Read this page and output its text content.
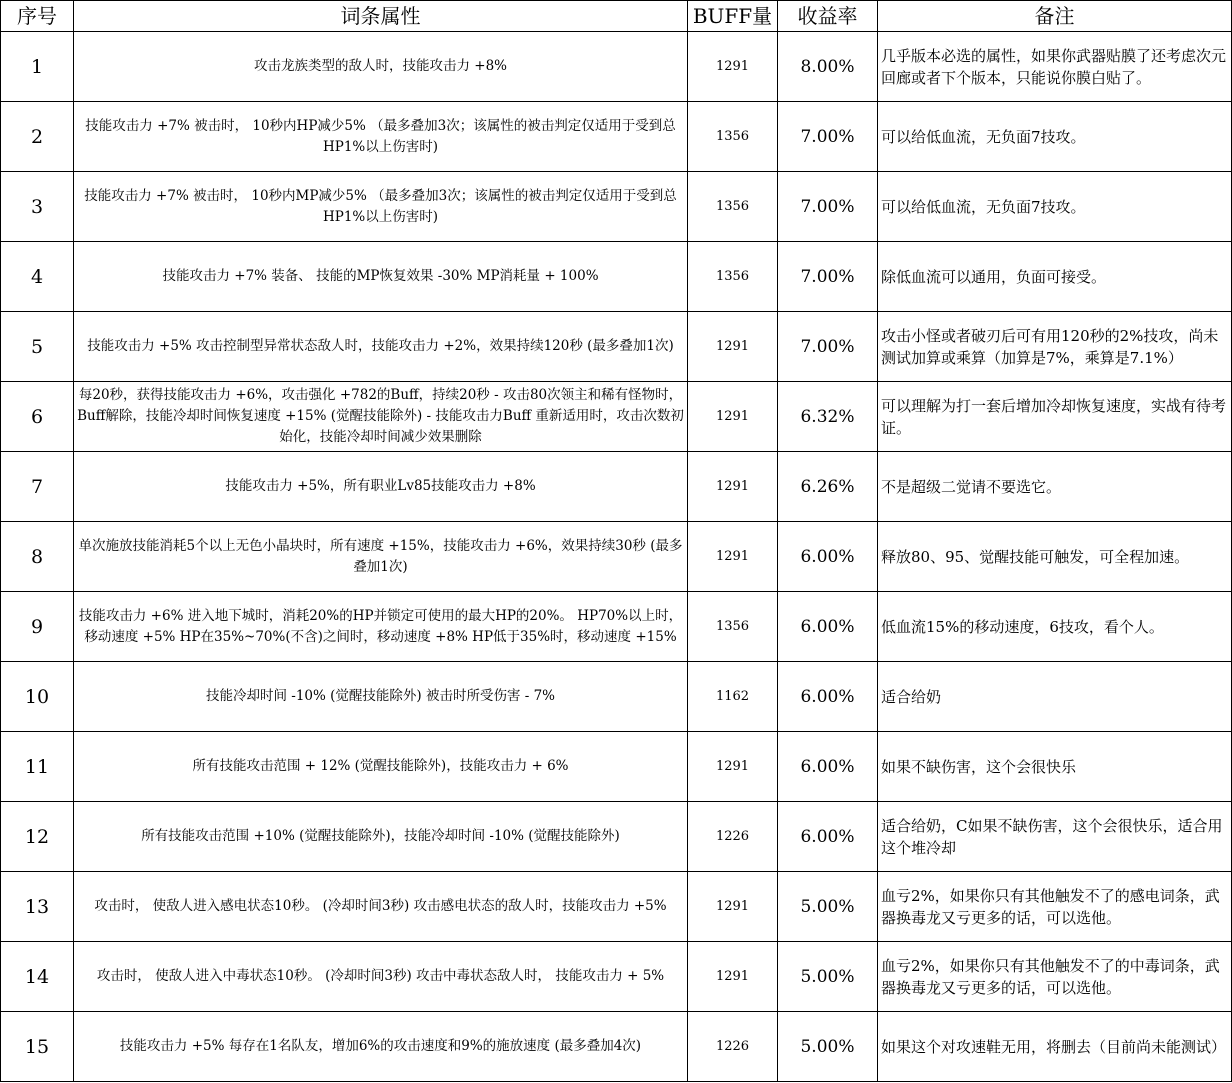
序号	词条属性	BUFF量	收益率	备注
1	攻击龙族类型的敌人时，技能攻击力 +8%	1291	8.00%	几乎版本必选的属性，如果你武器贴膜了还考虑次元回廊或者下个版本，只能说你膜白贴了。
2	技能攻击力 +7% 被击时， 10秒内HP减少5% （最多叠加3次；该属性的被击判定仅适用于受到总HP1%以上伤害时)	1356	7.00%	可以给低血流，无负面7技攻。
3	技能攻击力 +7% 被击时， 10秒内MP减少5% （最多叠加3次；该属性的被击判定仅适用于受到总HP1%以上伤害时)	1356	7.00%	可以给低血流，无负面7技攻。
4	技能攻击力 +7% 装备、 技能的MP恢复效果 -30% MP消耗量 + 100%	1356	7.00%	除低血流可以通用，负面可接受。
5	技能攻击力 +5% 攻击控制型异常状态敌人时，技能攻击力 +2%，效果持续120秒 (最多叠加1次)	1291	7.00%	攻击小怪或者破刃后可有用120秒的2%技攻，尚未测试加算或乘算（加算是7%，乘算是7.1%）
6	每20秒，获得技能攻击力 +6%，攻击强化 +782的Buff，持续20秒 - 攻击80次领主和稀有怪物时，Buff解除，技能冷却时间恢复速度 +15% (觉醒技能除外) - 技能攻击力Buff 重新适用时，攻击次数初始化，技能冷却时间减少效果删除	1291	6.32%	可以理解为打一套后增加冷却恢复速度，实战有待考证。
7	技能攻击力 +5%，所有职业Lv85技能攻击力 +8%	1291	6.26%	不是超级二觉请不要选它。
8	单次施放技能消耗5个以上无色小晶块时，所有速度 +15%，技能攻击力 +6%，效果持续30秒 (最多叠加1次)	1291	6.00%	释放80、95、觉醒技能可触发，可全程加速。
9	技能攻击力 +6% 进入地下城时，消耗20%的HP并锁定可使用的最大HP的20%。 HP70%以上时，移动速度 +5% HP在35%~70%(不含)之间时，移动速度 +8% HP低于35%时，移动速度 +15%	1356	6.00%	低血流15%的移动速度，6技攻，看个人。
10	技能冷却时间 -10% (觉醒技能除外) 被击时所受伤害 - 7%	1162	6.00%	适合给奶
11	所有技能攻击范围 + 12% (觉醒技能除外)，技能攻击力 + 6%	1291	6.00%	如果不缺伤害，这个会很快乐
12	所有技能攻击范围 +10% (觉醒技能除外)，技能冷却时间 -10% (觉醒技能除外)	1226	6.00%	适合给奶，C如果不缺伤害，这个会很快乐，适合用这个堆冷却
13	攻击时， 使敌人进入感电状态10秒。 (冷却时间3秒) 攻击感电状态的敌人时，技能攻击力 +5%	1291	5.00%	血亏2%，如果你只有其他触发不了的感电词条，武器换毒龙又亏更多的话，可以选他。
14	攻击时， 使敌人进入中毒状态10秒。 (冷却时间3秒) 攻击中毒状态敌人时， 技能攻击力 + 5%	1291	5.00%	血亏2%，如果你只有其他触发不了的中毒词条，武器换毒龙又亏更多的话，可以选他。
15	技能攻击力 +5% 每存在1名队友，增加6%的攻击速度和9%的施放速度 (最多叠加4次)	1226	5.00%	如果这个对攻速鞋无用，将删去（目前尚未能测试）
